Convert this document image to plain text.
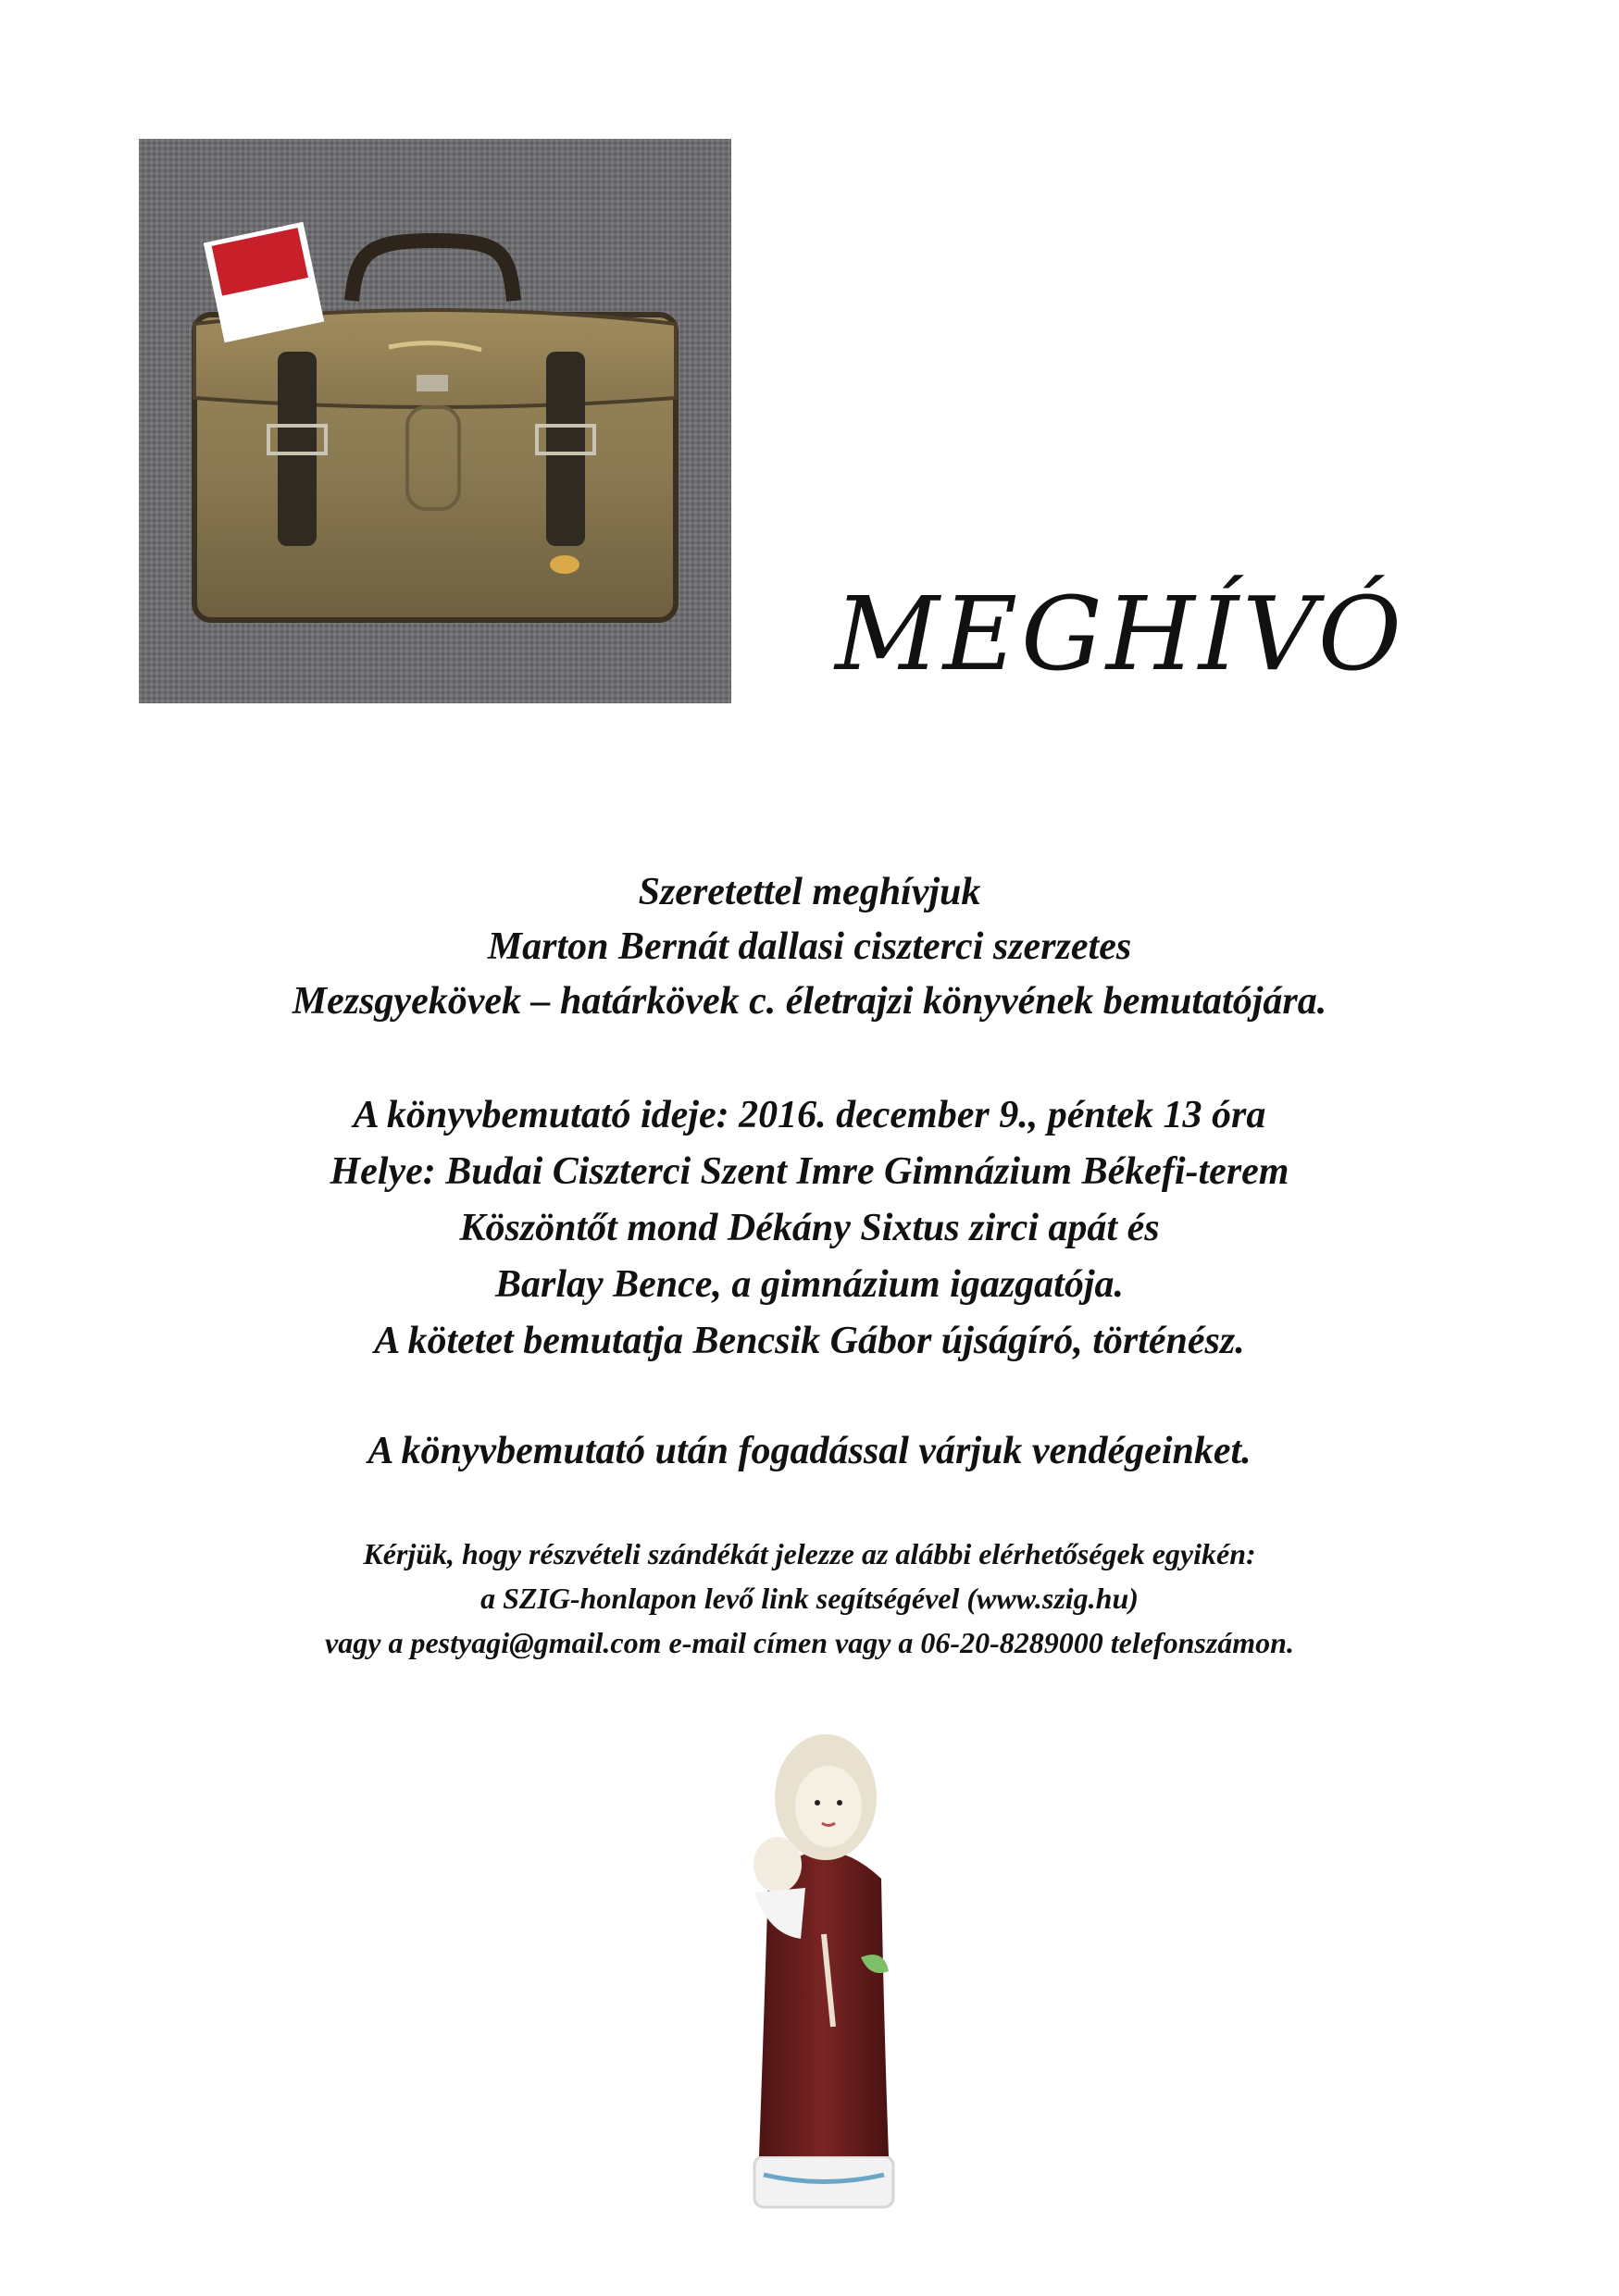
MEGHÍVÓ
Szeretettel meghívjuk
Marton Bernát dallasi ciszterci szerzetes
Mezsgyekövek – határkövek c. életrajzi könyvének bemutatójára.
A könyvbemutató ideje: 2016. december 9., péntek 13 óra
Helye: Budai Ciszterci Szent Imre Gimnázium Békefi-terem
Köszöntőt mond Dékány Sixtus zirci apát és
Barlay Bence, a gimnázium igazgatója.
A kötetet bemutatja Bencsik Gábor újságíró, történész.
A könyvbemutató után fogadással várjuk vendégeinket.
Kérjük, hogy részvételi szándékát jelezze az alábbi elérhetőségek egyikén:
a SZIG-honlapon levő link segítségével (www.szig.hu)
vagy a pestyagi@gmail.com e-mail címen vagy a 06-20-8289000 telefonszámon.
